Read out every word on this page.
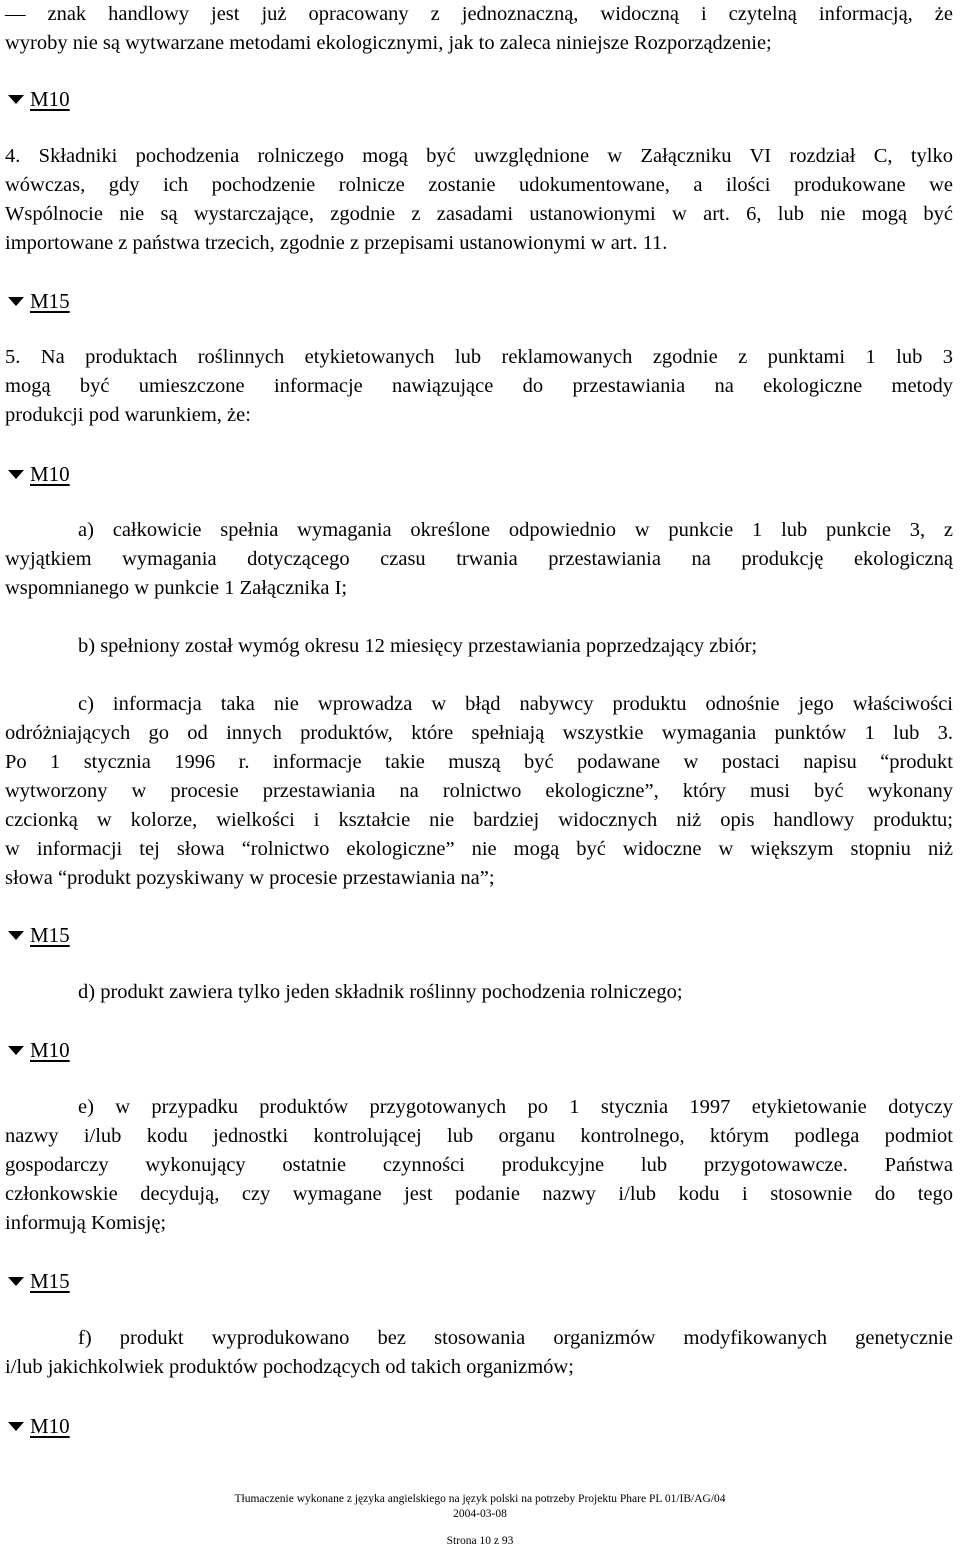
— znak handlowy jest już opracowany z jednoznaczną, widoczną i czytelną informacją, że
wyroby nie są wytwarzane metodami ekologicznymi, jak to zaleca niniejsze Rozporządzenie;
M10
4. Składniki pochodzenia rolniczego mogą być uwzględnione w Załączniku VI rozdział C, tylko
wówczas, gdy ich pochodzenie rolnicze zostanie udokumentowane, a ilości produkowane we
Wspólnocie nie są wystarczające, zgodnie z zasadami ustanowionymi w art. 6, lub nie mogą być
importowane z państwa trzecich, zgodnie z przepisami ustanowionymi w art. 11.
M15
5. Na produktach roślinnych etykietowanych lub reklamowanych zgodnie z punktami 1 lub 3
mogą być umieszczone informacje nawiązujące do przestawiania na ekologiczne metody
produkcji pod warunkiem, że:
M10
a) całkowicie spełnia wymagania określone odpowiednio w punkcie 1 lub punkcie 3, z
wyjątkiem wymagania dotyczącego czasu trwania przestawiania na produkcję ekologiczną
wspomnianego w punkcie 1 Załącznika I;
b) spełniony został wymóg okresu 12 miesięcy przestawiania poprzedzający zbiór;
c) informacja taka nie wprowadza w błąd nabywcy produktu odnośnie jego właściwości
odróżniających go od innych produktów, które spełniają wszystkie wymagania punktów 1 lub 3.
Po 1 stycznia 1996 r. informacje takie muszą być podawane w postaci napisu “produkt
wytworzony w procesie przestawiania na rolnictwo ekologiczne”, który musi być wykonany
czcionką w kolorze, wielkości i kształcie nie bardziej widocznych niż opis handlowy produktu;
w informacji tej słowa “rolnictwo ekologiczne” nie mogą być widoczne w większym stopniu niż
słowa “produkt pozyskiwany w procesie przestawiania na”;
M15
d) produkt zawiera tylko jeden składnik roślinny pochodzenia rolniczego;
M10
e) w przypadku produktów przygotowanych po 1 stycznia 1997 etykietowanie dotyczy
nazwy i/lub kodu jednostki kontrolującej lub organu kontrolnego, którym podlega podmiot
gospodarczy wykonujący ostatnie czynności produkcyjne lub przygotowawcze. Państwa
członkowskie decydują, czy wymagane jest podanie nazwy i/lub kodu i stosownie do tego
informują Komisję;
M15
f) produkt wyprodukowano bez stosowania organizmów modyfikowanych genetycznie
i/lub jakichkolwiek produktów pochodzących od takich organizmów;
M10
Tłumaczenie wykonane z języka angielskiego na język polski na potrzeby Projektu Phare PL 01/IB/AG/04
2004-03-08
Strona 10 z 93
